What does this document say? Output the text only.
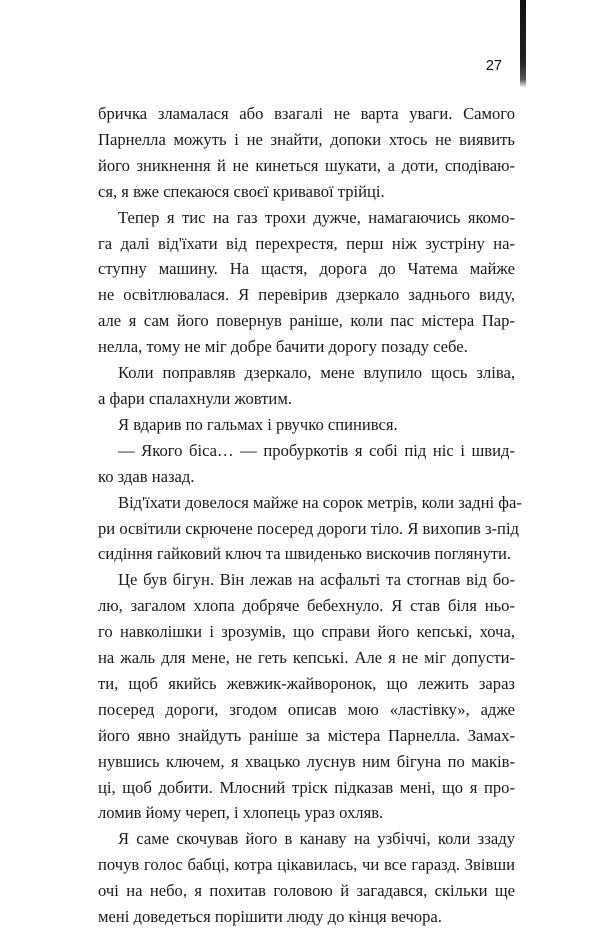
27

бричка зламалася або взагалі не варта уваги. Самого
Парнелла можуть і не знайти, допоки хтось не виявить
його зникнення й не кинеться шукати, а доти, сподіваю-
ся, я вже спекаюся своєї кривавої трійці.

Тепер я тис на газ трохи дужче, намагаючись якомо-
га далі від'їхати від перехрестя, перш ніж зустріну на-
ступну машину. На щастя, дорога до Чатема майже
не освітлювалася. Я перевірив дзеркало заднього виду,
але я сам його повернув раніше, коли пас містера Пар-
нелла, тому не міг добре бачити дорогу позаду себе.

Коли поправляв дзеркало, мене влупило щось зліва,
а фари спалахнули жовтим.

Я вдарив по гальмах і рвучко спинився.

— Якого біса… — пробуркотів я собі під ніс і швид-
ко здав назад.

Від'їхати довелося майже на сорок метрів, коли задні фа-
ри освітили скрючене посеред дороги тіло. Я вихопив з-під
сидіння гайковий ключ та швиденько вискочив поглянути.

Це був бігун. Він лежав на асфальті та стогнав від бо-
лю, загалом хлопа добряче бебехнуло. Я став біля ньо-
го навколішки і зрозумів, що справи його кепські, хоча,
на жаль для мене, не геть кепські. Але я не міг допусти-
ти, щоб якийсь жевжик-жайворонок, що лежить зараз
посеред дороги, згодом описав мою «ластівку», адже
його явно знайдуть раніше за містера Парнелла. Замах-
нувшись ключем, я хвацько луснув ним бігуна по маків-
ці, щоб добити. Млосний тріск підказав мені, що я про-
ломив йому череп, і хлопець ураз охляв.

Я саме скочував його в канаву на узбіччі, коли ззаду
почув голос бабці, котра цікавилась, чи все гаразд. Звівши
очі на небо, я похитав головою й загадався, скільки ще
мені доведеться порішити люду до кінця вечора.
